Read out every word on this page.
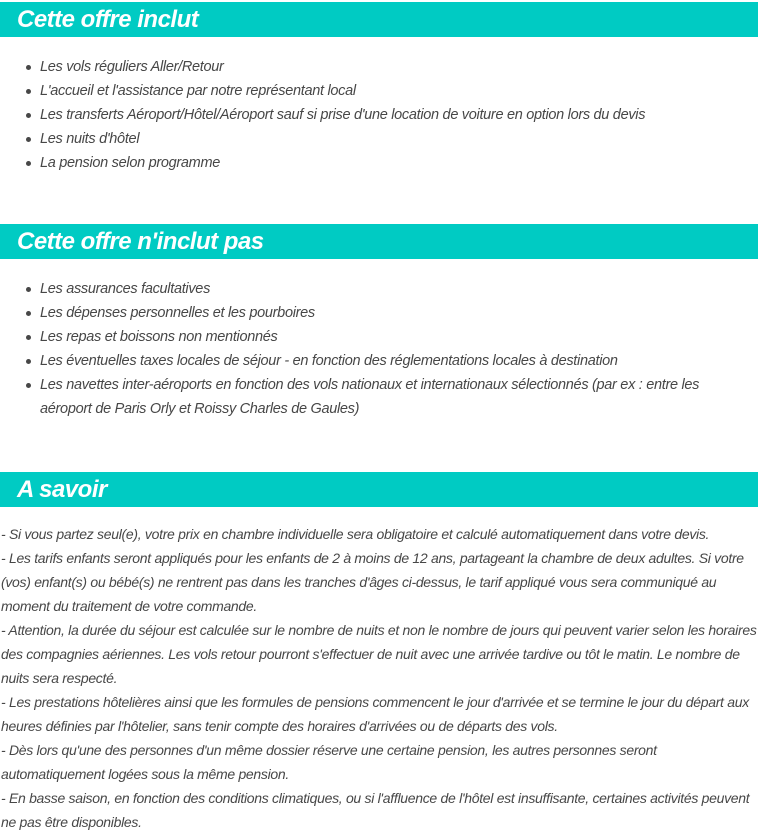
Cette offre inclut
Les vols réguliers Aller/Retour
L'accueil et l'assistance par notre représentant local
Les transferts Aéroport/Hôtel/Aéroport sauf si prise d'une location de voiture en option lors du devis
Les nuits d'hôtel
La pension selon programme
Cette offre n'inclut pas
Les assurances facultatives
Les dépenses personnelles et les pourboires
Les repas et boissons non mentionnés
Les éventuelles taxes locales de séjour - en fonction des réglementations locales à destination
Les navettes inter-aéroports en fonction des vols nationaux et internationaux sélectionnés (par ex : entre les aéroport de Paris Orly et Roissy Charles de Gaules)
A savoir

- Si vous partez seul(e), votre prix en chambre individuelle sera obligatoire et calculé automatiquement dans votre devis.

- Les tarifs enfants seront appliqués pour les enfants de 2 à moins de 12 ans, partageant la chambre de deux adultes. Si votre (vos) enfant(s) ou bébé(s) ne rentrent pas dans les tranches d'âges ci-dessus, le tarif appliqué vous sera communiqué au moment du traitement de votre commande.

- Attention, la durée du séjour est calculée sur le nombre de nuits et non le nombre de jours qui peuvent varier selon les horaires des compagnies aériennes. Les vols retour pourront s'effectuer de nuit avec une arrivée tardive ou tôt le matin. Le nombre de nuits sera respecté.

- Les prestations hôtelières ainsi que les formules de pensions commencent le jour d'arrivée et se termine le jour du départ aux heures définies par l'hôtelier, sans tenir compte des horaires d'arrivées ou de départs des vols.

- Dès lors qu'une des personnes d'un même dossier réserve une certaine pension, les autres personnes seront automatiquement logées sous la même pension.

- En basse saison, en fonction des conditions climatiques, ou si l'affluence de l'hôtel est insuffisante, certaines activités peuvent ne pas être disponibles.
